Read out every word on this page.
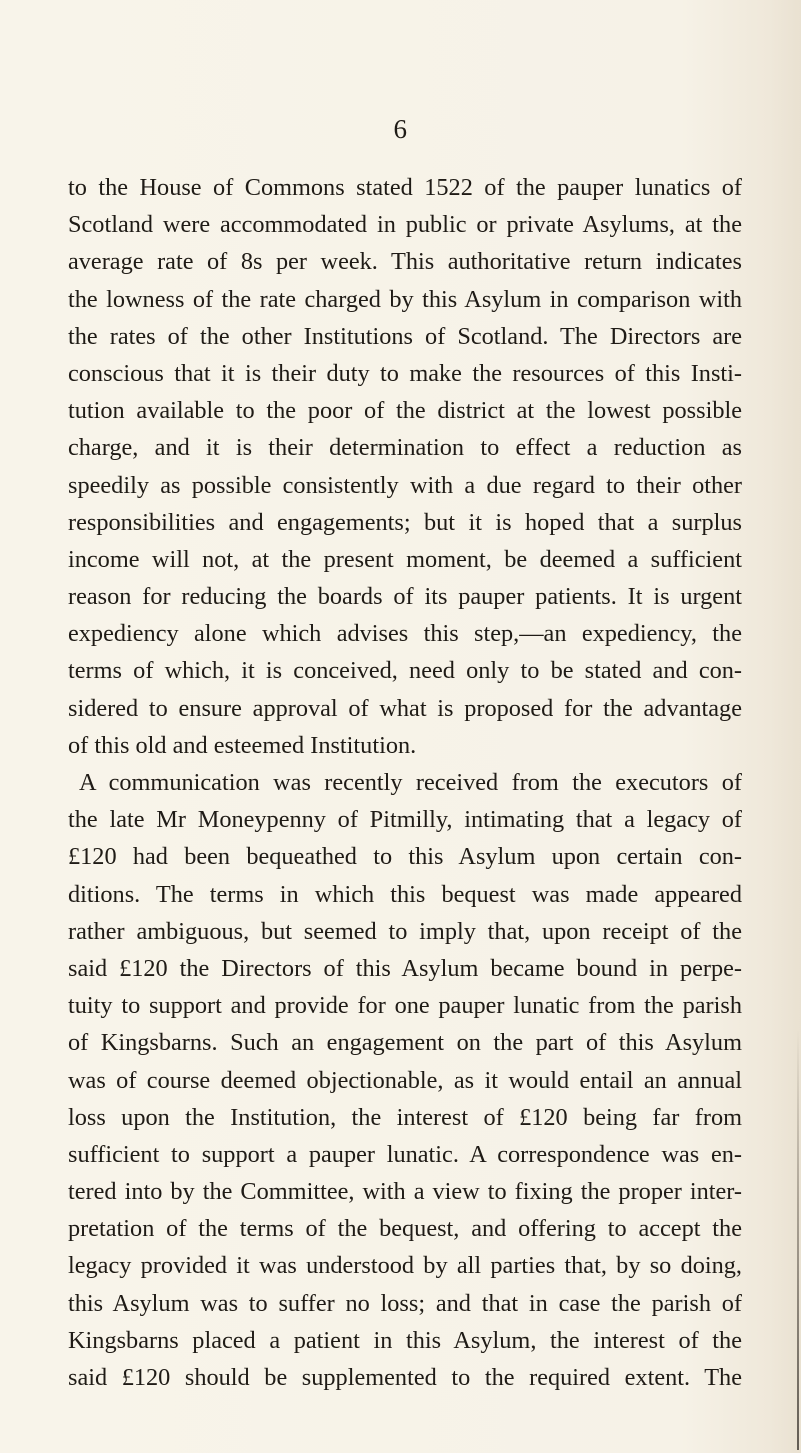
6
to the House of Commons stated 1522 of the pauper lunatics of
Scotland were accommodated in public or private Asylums, at the
average rate of 8s per week. This authoritative return indicates
the lowness of the rate charged by this Asylum in comparison with
the rates of the other Institutions of Scotland. The Directors are
conscious that it is their duty to make the resources of this Insti-
tution available to the poor of the district at the lowest possible
charge, and it is their determination to effect a reduction as
speedily as possible consistently with a due regard to their other
responsibilities and engagements; but it is hoped that a surplus
income will not, at the present moment, be deemed a sufficient
reason for reducing the boards of its pauper patients. It is urgent
expediency alone which advises this step,—an expediency, the
terms of which, it is conceived, need only to be stated and con-
sidered to ensure approval of what is proposed for the advantage
of this old and esteemed Institution.
A communication was recently received from the executors of
the late Mr Moneypenny of Pitmilly, intimating that a legacy of
£120 had been bequeathed to this Asylum upon certain con-
ditions. The terms in which this bequest was made appeared
rather ambiguous, but seemed to imply that, upon receipt of the
said £120 the Directors of this Asylum became bound in perpe-
tuity to support and provide for one pauper lunatic from the parish
of Kingsbarns. Such an engagement on the part of this Asylum
was of course deemed objectionable, as it would entail an annual
loss upon the Institution, the interest of £120 being far from
sufficient to support a pauper lunatic. A correspondence was en-
tered into by the Committee, with a view to fixing the proper inter-
pretation of the terms of the bequest, and offering to accept the
legacy provided it was understood by all parties that, by so doing,
this Asylum was to suffer no loss; and that in case the parish of
Kingsbarns placed a patient in this Asylum, the interest of the
said £120 should be supplemented to the required extent. The
